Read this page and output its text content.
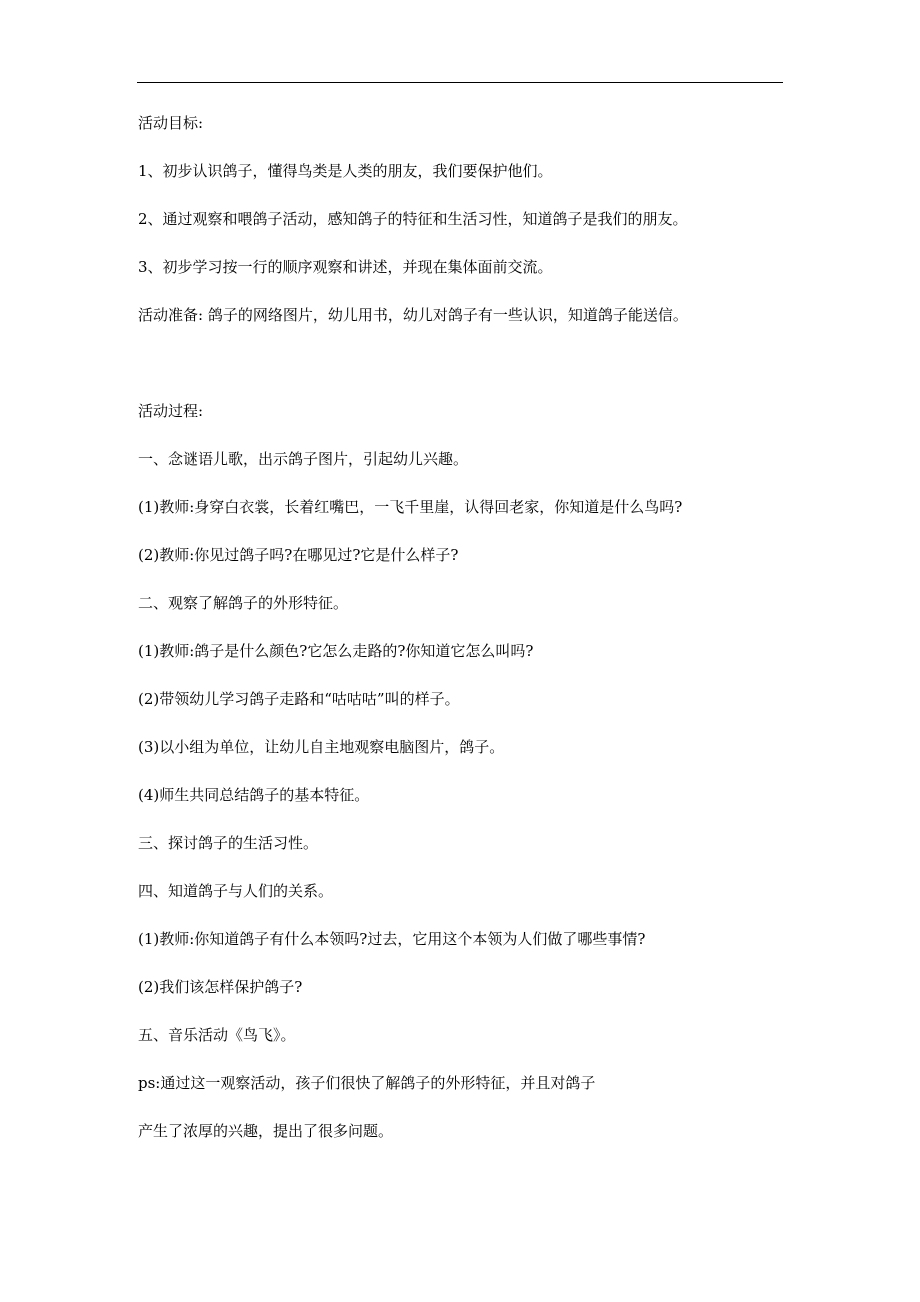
活动目标:
1、初步认识鸽子，懂得鸟类是人类的朋友，我们要保护他们。
2、通过观察和喂鸽子活动，感知鸽子的特征和生活习性，知道鸽子是我们的朋友。
3、初步学习按一行的顺序观察和讲述，并现在集体面前交流。
活动准备: 鸽子的网络图片，幼儿用书，幼儿对鸽子有一些认识，知道鸽子能送信。
活动过程:
一、念谜语儿歌，出示鸽子图片，引起幼儿兴趣。
(1)教师:身穿白衣裳，长着红嘴巴，一飞千里崖，认得回老家，你知道是什么鸟吗?
(2)教师:你见过鸽子吗?在哪见过?它是什么样子?
二、观察了解鸽子的外形特征。
(1)教师:鸽子是什么颜色?它怎么走路的?你知道它怎么叫吗?
(2)带领幼儿学习鸽子走路和“咕咕咕”叫的样子。
(3)以小组为单位，让幼儿自主地观察电脑图片，鸽子。
(4)师生共同总结鸽子的基本特征。
三、探讨鸽子的生活习性。
四、知道鸽子与人们的关系。
(1)教师:你知道鸽子有什么本领吗?过去，它用这个本领为人们做了哪些事情?
(2)我们该怎样保护鸽子?
五、音乐活动《鸟飞》。
ps:通过这一观察活动，孩子们很快了解鸽子的外形特征，并且对鸽子
产生了浓厚的兴趣，提出了很多问题。
